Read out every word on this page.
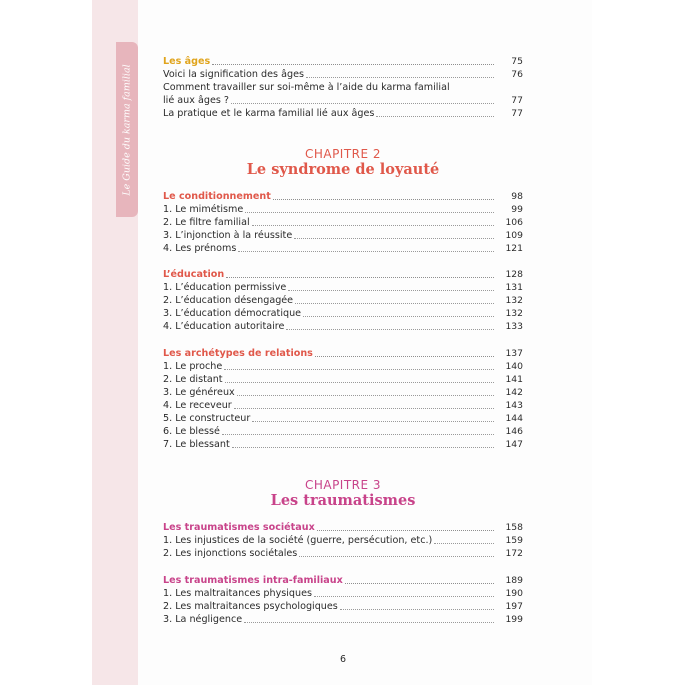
Le Guide du karma familial	CHAPITRE 2
Le syndrome de loyauté
CHAPITRE 3
Les traumatismes
6
Les âges	75
Voici la signification des âges	76
Comment travailler sur soi-même à l’aide du karma familial
lié aux âges ?	77
La pratique et le karma familial lié aux âges	77
Le conditionnement	98
1. Le mimétisme	99
2. Le filtre familial	106
3. L’injonction à la réussite	109
4. Les prénoms	121
L’éducation	128
1. L’éducation permissive	131
2. L’éducation désengagée	132
3. L’éducation démocratique	132
4. L’éducation autoritaire	133
Les archétypes de relations	137
1. Le proche	140
2. Le distant	141
3. Le généreux	142
4. Le receveur	143
5. Le constructeur	144
6. Le blessé	146
7. Le blessant	147
Les traumatismes sociétaux	158
1. Les injustices de la société (guerre, persécution, etc.)	159
2. Les injonctions sociétales	172
Les traumatismes intra-familiaux	189
1. Les maltraitances physiques	190
2. Les maltraitances psychologiques	197
3. La négligence	199
